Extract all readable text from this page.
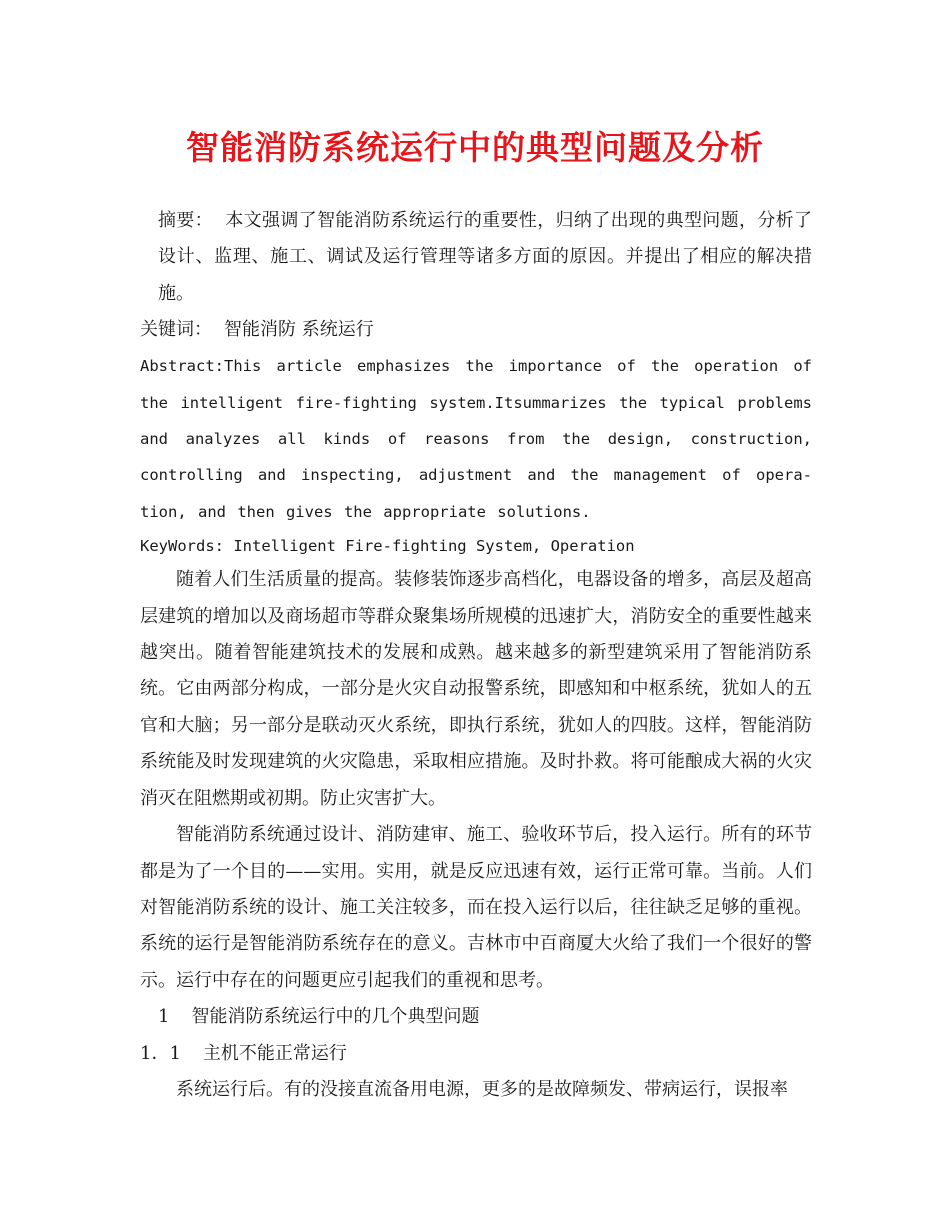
智能消防系统运行中的典型问题及分析

摘要： 本文强调了智能消防系统运行的重要性，归纳了出现的典型问题，分析了设计、监理、施工、调试及运行管理等诸多方面的原因。并提出了相应的解决措施。

关键词： 智能消防 系统运行

Abstract:This article emphasizes the importance of the operation of the intelligent fire-fighting system.Itsummarizes the typical problems and analyzes all kinds of reasons from the design, construction, controlling and inspecting, adjustment and the management of opera-tion, and then gives the appropriate solutions.

KeyWords: Intelligent Fire-fighting System, Operation

随着人们生活质量的提高。装修装饰逐步高档化，电器设备的增多，高层及超高层建筑的增加以及商场超市等群众聚集场所规模的迅速扩大，消防安全的重要性越来越突出。随着智能建筑技术的发展和成熟。越来越多的新型建筑采用了智能消防系统。它由两部分构成，一部分是火灾自动报警系统，即感知和中枢系统，犹如人的五官和大脑；另一部分是联动灭火系统，即执行系统，犹如人的四肢。这样，智能消防系统能及时发现建筑的火灾隐患，采取相应措施。及时扑救。将可能酿成大祸的火灾消灭在阻燃期或初期。防止灾害扩大。

智能消防系统通过设计、消防建审、施工、验收环节后，投入运行。所有的环节都是为了一个目的——实用。实用，就是反应迅速有效，运行正常可靠。当前。人们对智能消防系统的设计、施工关注较多，而在投入运行以后，往往缺乏足够的重视。系统的运行是智能消防系统存在的意义。吉林市中百商厦大火给了我们一个很好的警示。运行中存在的问题更应引起我们的重视和思考。

1 智能消防系统运行中的几个典型问题

1．1 主机不能正常运行

系统运行后。有的没接直流备用电源，更多的是故障频发、带病运行，误报率
